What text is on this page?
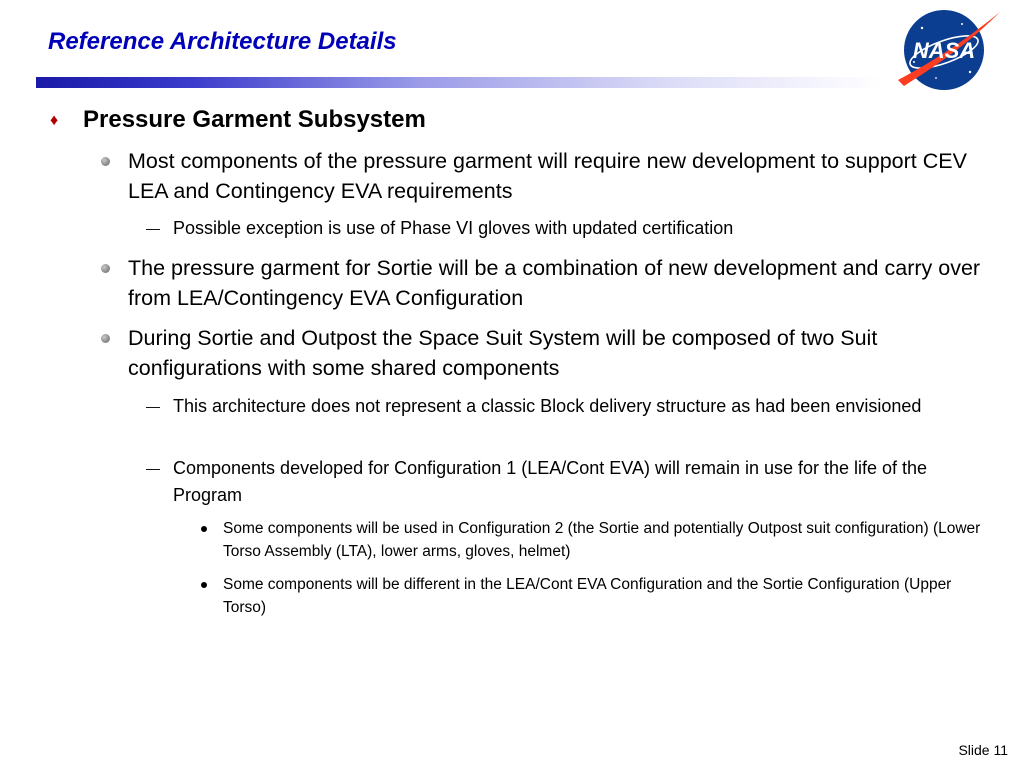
Reference Architecture Details	NASA
♦ Pressure Garment Subsystem
Most components of the pressure garment will require new development to support CEV LEA and Contingency EVA requirements
— Possible exception is use of Phase VI gloves with updated certification
The pressure garment for Sortie will be a combination of new development and carry over from LEA/Contingency EVA Configuration
During Sortie and Outpost the Space Suit System will be composed of two Suit configurations with some shared components
— This architecture does not represent a classic Block delivery structure as had been envisioned
— Components developed for Configuration 1 (LEA/Cont EVA) will remain in use for the life of the Program
Some components will be used in Configuration 2 (the Sortie and potentially Outpost suit configuration) (Lower Torso Assembly (LTA), lower arms, gloves, helmet)
Some components will be different in the LEA/Cont EVA Configuration and the Sortie Configuration (Upper Torso)
Slide 11
